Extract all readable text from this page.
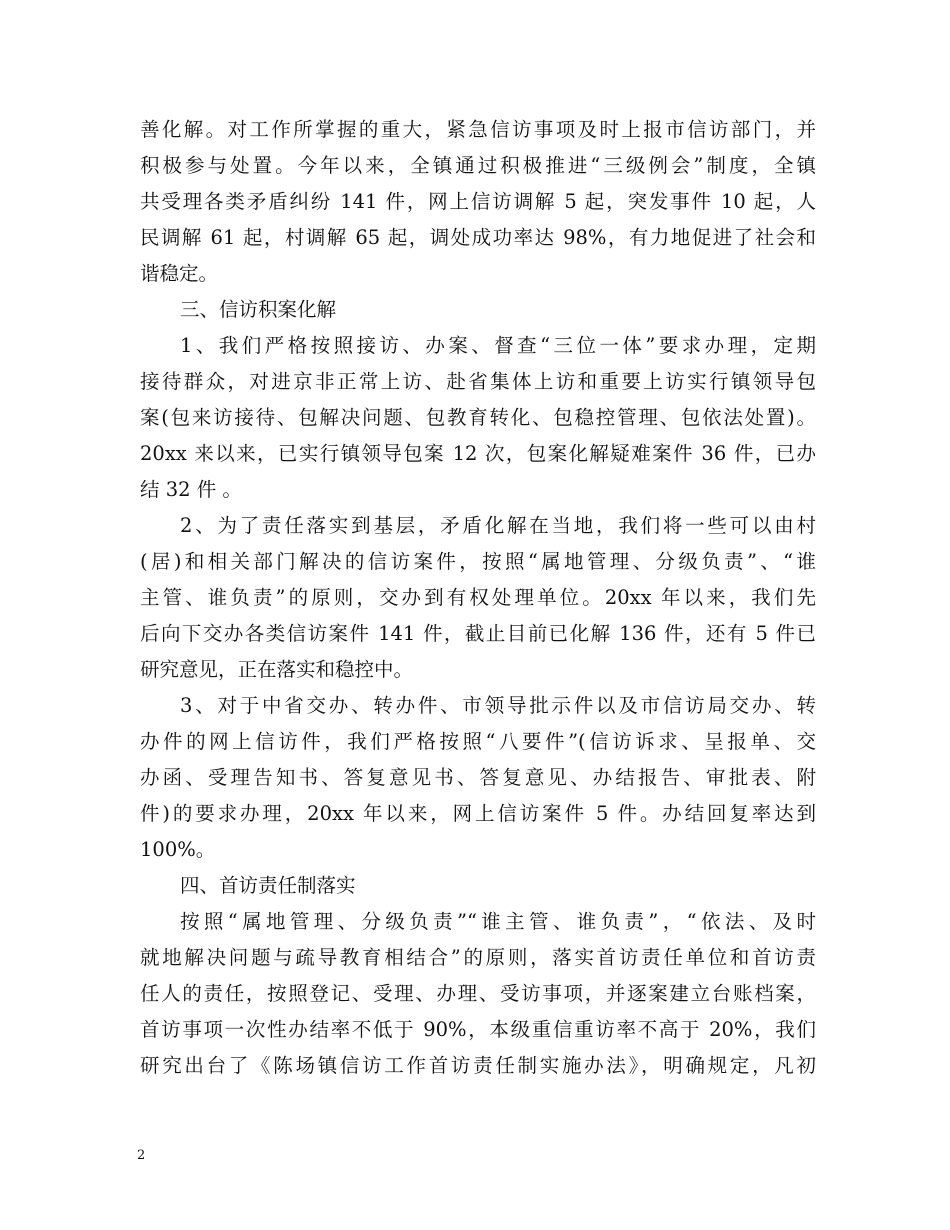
善化解。对工作所掌握的重大，紧急信访事项及时上报市信访部门，并
积极参与处置。今年以来，全镇通过积极推进“三级例会”制度，全镇
共受理各类矛盾纠纷 141 件，网上信访调解 5 起，突发事件 10 起，人
民调解 61 起，村调解 65 起，调处成功率达 98%，有力地促进了社会和
谐稳定。
三、信访积案化解
1、我们严格按照接访、办案、督查“三位一体”要求办理，定期
接待群众，对进京非正常上访、赴省集体上访和重要上访实行镇领导包
案(包来访接待、包解决问题、包教育转化、包稳控管理、包依法处置)。
20xx 来以来，已实行镇领导包案 12 次，包案化解疑难案件 36 件，已办
结 32 件 。
2、为了责任落实到基层，矛盾化解在当地，我们将一些可以由村
(居)和相关部门解决的信访案件，按照“属地管理、分级负责”、“谁
主管、谁负责”的原则，交办到有权处理单位。20xx 年以来，我们先
后向下交办各类信访案件 141 件，截止目前已化解 136 件，还有 5 件已
研究意见，正在落实和稳控中。
3、对于中省交办、转办件、市领导批示件以及市信访局交办、转
办件的网上信访件，我们严格按照“八要件”(信访诉求、呈报单、交
办函、受理告知书、答复意见书、答复意见、办结报告、审批表、附
件)的要求办理，20xx 年以来，网上信访案件 5 件。办结回复率达到
100%。
四、首访责任制落实
按照“属地管理、分级负责”“谁主管、谁负责”，“依法、及时
就地解决问题与疏导教育相结合”的原则，落实首访责任单位和首访责
任人的责任，按照登记、受理、办理、受访事项，并逐案建立台账档案，
首访事项一次性办结率不低于 90%，本级重信重访率不高于 20%，我们
研究出台了《陈场镇信访工作首访责任制实施办法》，明确规定，凡初
2
